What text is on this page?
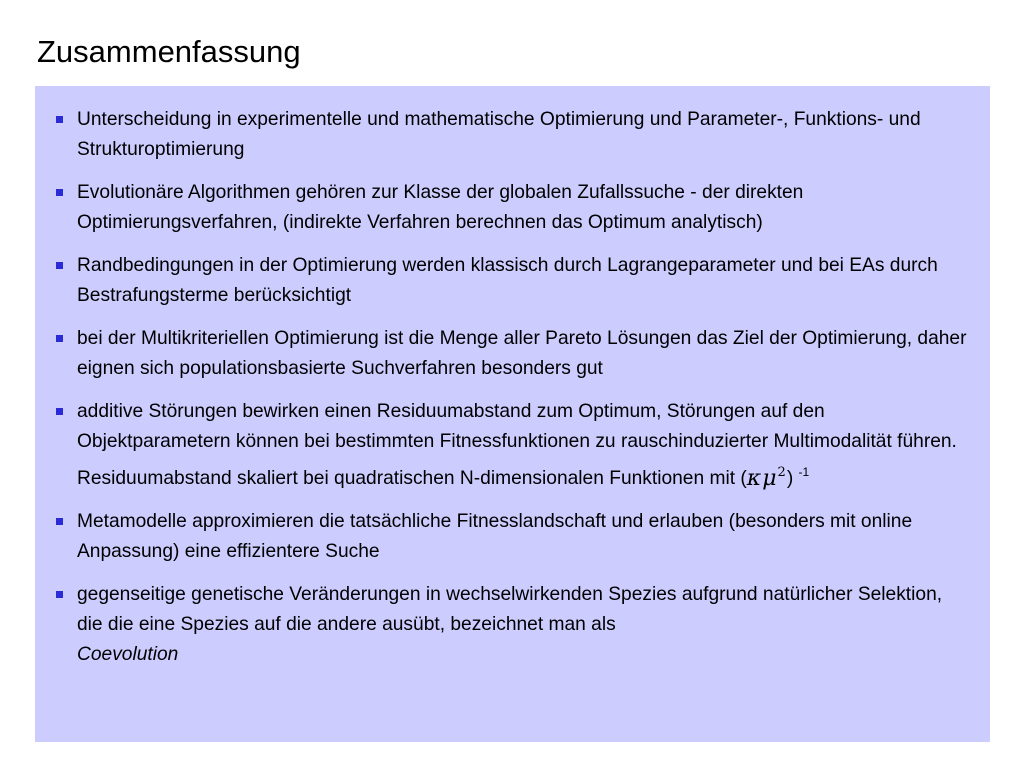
Zusammenfassung
Unterscheidung in experimentelle und mathematische Optimierung und Parameter-, Funktions- und Strukturoptimierung
Evolutionäre Algorithmen gehören zur Klasse der globalen Zufallssuche - der direkten Optimierungsverfahren, (indirekte Verfahren berechnen das Optimum analytisch)
Randbedingungen in der Optimierung werden klassisch durch Lagrangeparameter und bei EAs durch Bestrafungsterme berücksichtigt
bei der Multikriteriellen Optimierung ist die Menge aller Pareto Lösungen das Ziel der Optimierung, daher eignen sich populationsbasierte Suchverfahren besonders gut
additive Störungen bewirken einen Residuumabstand zum Optimum, Störungen auf den Objektparametern können bei bestimmten Fitnessfunktionen zu rauschinduzierter Multimodalität führen. Residuumabstand skaliert bei quadratischen N-dimensionalen Funktionen mit $(\kappa\mu^2)$ $^{-1}$
Metamodelle approximieren die tatsächliche Fitnesslandschaft und erlauben (besonders mit online Anpassung) eine effizientere Suche
gegenseitige genetische Veränderungen in wechselwirkenden Spezies aufgrund natürlicher Selektion, die die eine Spezies auf die andere ausübt, bezeichnet man als
Coevolution
